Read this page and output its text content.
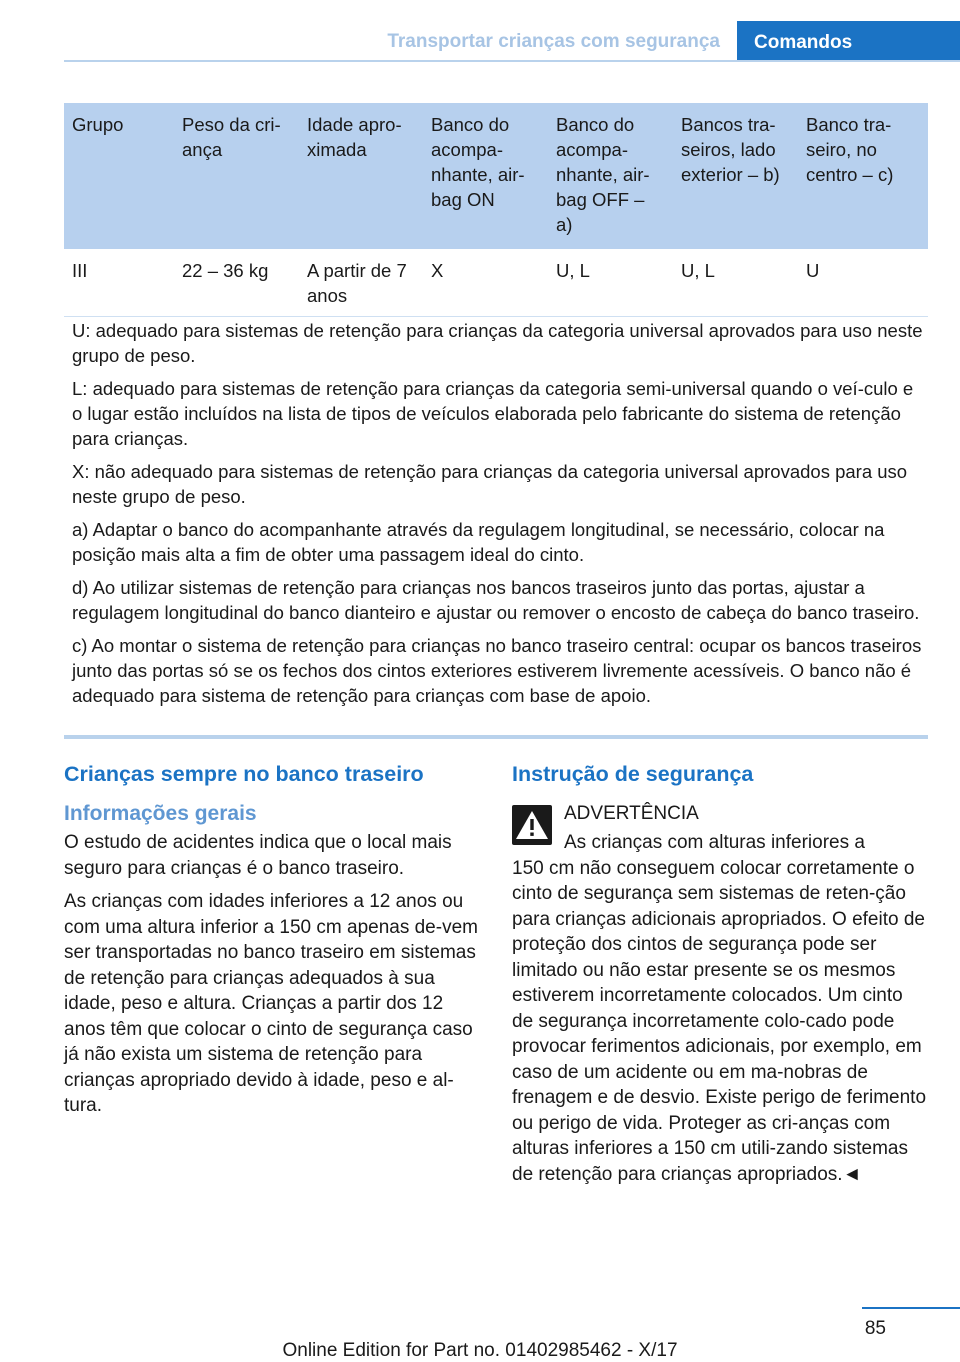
Transportar crianças com segurança	Comandos
Grupo	Peso da cri-ança	Idade apro-ximada	Banco do acompa-nhante, air-bag ON	Banco do acompa-nhante, air-bag OFF – a)	Bancos tra-seiros, lado exterior – b)	Banco tra-seiro, no centro – c)
III	22 – 36 kg	A partir de 7 anos	X	U, L	U, L	U

U: adequado para sistemas de retenção para crianças da categoria universal aprovados para uso neste grupo de peso.

L: adequado para sistemas de retenção para crianças da categoria semi-universal quando o veí-culo e o lugar estão incluídos na lista de tipos de veículos elaborada pelo fabricante do sistema de retenção para crianças.

X: não adequado para sistemas de retenção para crianças da categoria universal aprovados para uso neste grupo de peso.

a) Adaptar o banco do acompanhante através da regulagem longitudinal, se necessário, colocar na posição mais alta a fim de obter uma passagem ideal do cinto.

d) Ao utilizar sistemas de retenção para crianças nos bancos traseiros junto das portas, ajustar a regulagem longitudinal do banco dianteiro e ajustar ou remover o encosto de cabeça do banco traseiro.

c) Ao montar o sistema de retenção para crianças no banco traseiro central: ocupar os bancos traseiros junto das portas só se os fechos dos cintos exteriores estiverem livremente acessíveis. O banco não é adequado para sistema de retenção para crianças com base de apoio.

Crianças sempre no banco traseiro
Informações gerais

O estudo de acidentes indica que o local mais seguro para crianças é o banco traseiro.

As crianças com idades inferiores a 12 anos ou com uma altura inferior a 150 cm apenas de-vem ser transportadas no banco traseiro em sistemas de retenção para crianças adequados à sua idade, peso e altura. Crianças a partir dos 12 anos têm que colocar o cinto de segurança caso já não exista um sistema de retenção para crianças apropriado devido à idade, peso e al-tura.

Instrução de segurança
ADVERTÊNCIA
As crianças com alturas inferiores a
150 cm não conseguem colocar corretamente o cinto de segurança sem sistemas de reten-ção para crianças adicionais apropriados. O efeito de proteção dos cintos de segurança pode ser limitado ou não estar presente se os mesmos estiverem incorretamente colocados. Um cinto de segurança incorretamente colo-cado pode provocar ferimentos adicionais, por exemplo, em caso de um acidente ou em ma-nobras de frenagem e de desvio. Existe perigo de ferimento ou perigo de vida. Proteger as cri-anças com alturas inferiores a 150 cm utili-zando sistemas de retenção para crianças apropriados.◄
85
Online Edition for Part no. 01402985462 - X/17
